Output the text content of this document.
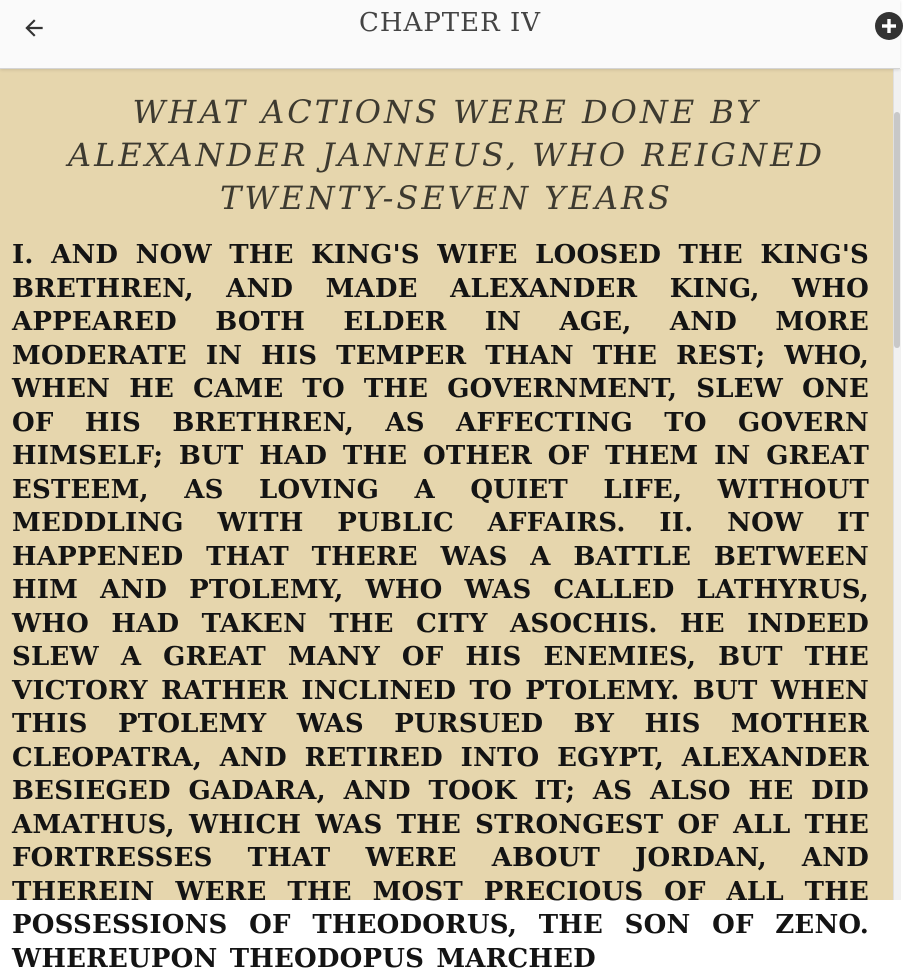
CHAPTER IV
WHAT ACTIONS WERE DONE BY ALEXANDER JANNEUS, WHO REIGNED TWENTY-SEVEN YEARS
I. AND NOW THE KING'S WIFE LOOSED THE KING'S BRETHREN, AND MADE ALEXANDER KING, WHO APPEARED BOTH ELDER IN AGE, AND MORE MODERATE IN HIS TEMPER THAN THE REST; WHO, WHEN HE CAME TO THE GOVERNMENT, SLEW ONE OF HIS BRETHREN, AS AFFECTING TO GOVERN HIMSELF; BUT HAD THE OTHER OF THEM IN GREAT ESTEEM, AS LOVING A QUIET LIFE, WITHOUT MEDDLING WITH PUBLIC AFFAIRS. II. NOW IT HAPPENED THAT THERE WAS A BATTLE BETWEEN HIM AND PTOLEMY, WHO WAS CALLED LATHYRUS, WHO HAD TAKEN THE CITY ASOCHIS. HE INDEED SLEW A GREAT MANY OF HIS ENEMIES, BUT THE VICTORY RATHER INCLINED TO PTOLEMY. BUT WHEN THIS PTOLEMY WAS PURSUED BY HIS MOTHER CLEOPATRA, AND RETIRED INTO EGYPT, ALEXANDER BESIEGED GADARA, AND TOOK IT; AS ALSO HE DID AMATHUS, WHICH WAS THE STRONGEST OF ALL THE FORTRESSES THAT WERE ABOUT JORDAN, AND THEREIN WERE THE MOST PRECIOUS OF ALL THE POSSESSIONS OF THEODORUS, THE SON OF ZENO. WHEREUPON THEODOPUS MARCHED
